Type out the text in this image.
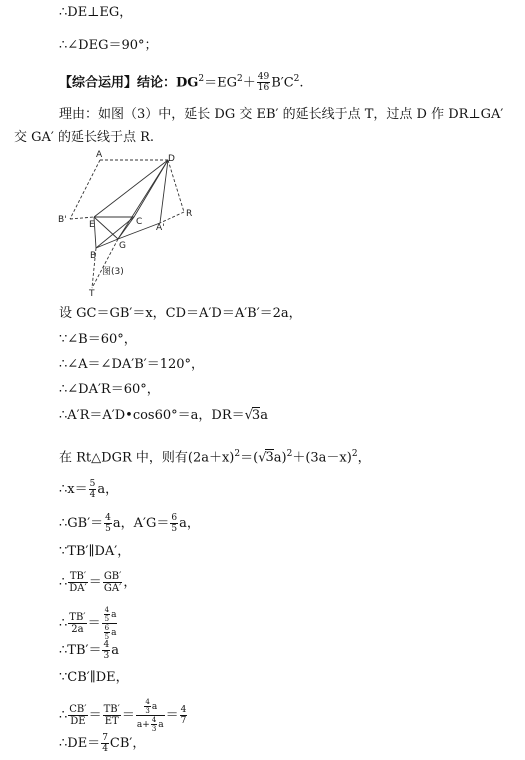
∴DE⊥EG，
∴∠DEG＝90°；
【综合运用】结论：$DG^2=EG^2+ \frac{49}{16} B'C^2$.
理由：如图（3）中，延长 DG 交 EB′ 的延长线于点 T，过点 D 作 DR⊥GA′
交 GA′ 的延长线于点 R.
A	D
R
B' E	C
A'
G
B
T
图(3)
设 GC＝GB′＝x，CD＝A′D＝A′B′＝2a，
∵∠B＝60°，
∴∠A＝∠DA′B′＝120°，
∴∠DA′R＝60°，
∴A′R＝A′D•cos60°＝a，DR＝√3a
在 Rt△DGR 中，则有$(2a+x)^2=(√3a)^2+(3a-x)^2$，
∴x＝ $\frac{5}{4}$ a，
∴GB′＝ $\frac{4}{5}$ a，$A'G= \frac{6}{5}$ a，
∵TB′∥DA′，
∴ $\frac{TB'}{DA'} = \frac{GB'}{GA'}$ ，
∴ $\frac{TB'}{2a} = \frac{\frac{4}{5} a}{\frac{6}{5} a}$
∴TB′＝ $\frac{4}{3}$ a
∵CB′∥DE，
∴ $\frac{CB'}{DE} = \frac{TB'}{ET} = \frac{\frac{4}{3} a}{a+ \frac{4}{3} a} = \frac{4}{7}$
∴DE＝ $\frac{7}{4} CB'$，
